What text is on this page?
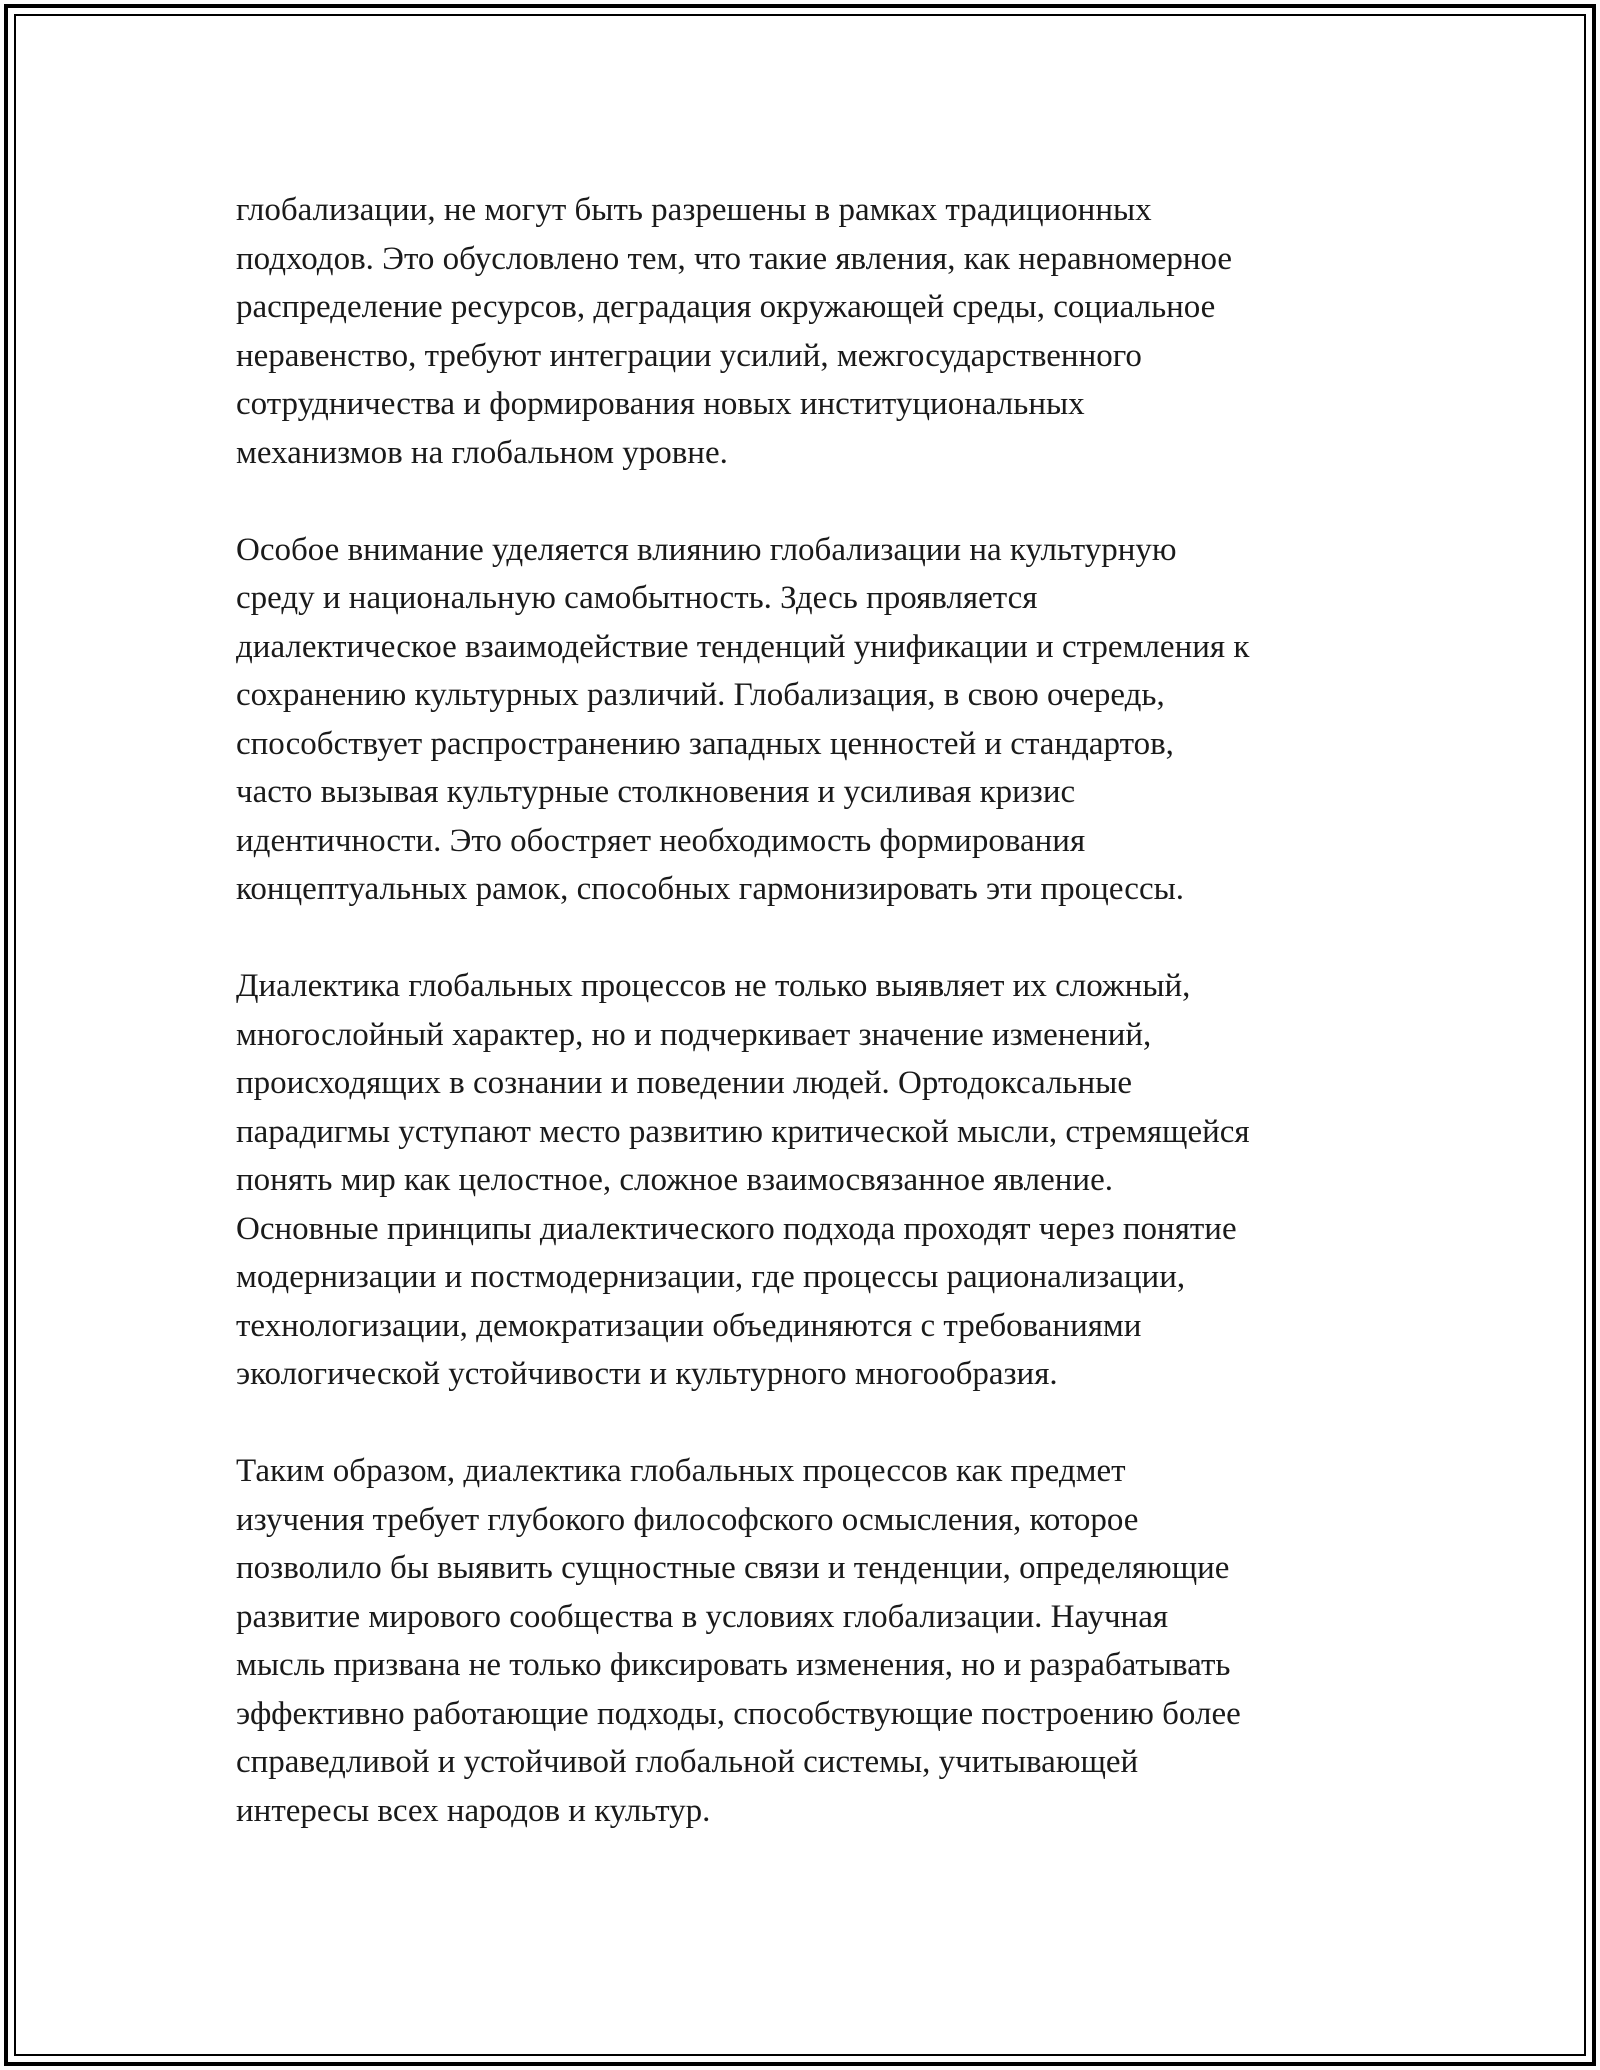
глобализации, не могут быть разрешены в рамках традиционных
подходов. Это обусловлено тем, что такие явления, как неравномерное
распределение ресурсов, деградация окружающей среды, социальное
неравенство, требуют интеграции усилий, межгосударственного
сотрудничества и формирования новых институциональных
механизмов на глобальном уровне.
Особое внимание уделяется влиянию глобализации на культурную
среду и национальную самобытность. Здесь проявляется
диалектическое взаимодействие тенденций унификации и стремления к
сохранению культурных различий. Глобализация, в свою очередь,
способствует распространению западных ценностей и стандартов,
часто вызывая культурные столкновения и усиливая кризис
идентичности. Это обостряет необходимость формирования
концептуальных рамок, способных гармонизировать эти процессы.
Диалектика глобальных процессов не только выявляет их сложный,
многослойный характер, но и подчеркивает значение изменений,
происходящих в сознании и поведении людей. Ортодоксальные
парадигмы уступают место развитию критической мысли, стремящейся
понять мир как целостное, сложное взаимосвязанное явление.
Основные принципы диалектического подхода проходят через понятие
модернизации и постмодернизации, где процессы рационализации,
технологизации, демократизации объединяются с требованиями
экологической устойчивости и культурного многообразия.
Таким образом, диалектика глобальных процессов как предмет
изучения требует глубокого философского осмысления, которое
позволило бы выявить сущностные связи и тенденции, определяющие
развитие мирового сообщества в условиях глобализации. Научная
мысль призвана не только фиксировать изменения, но и разрабатывать
эффективно работающие подходы, способствующие построению более
справедливой и устойчивой глобальной системы, учитывающей
интересы всех народов и культур.
